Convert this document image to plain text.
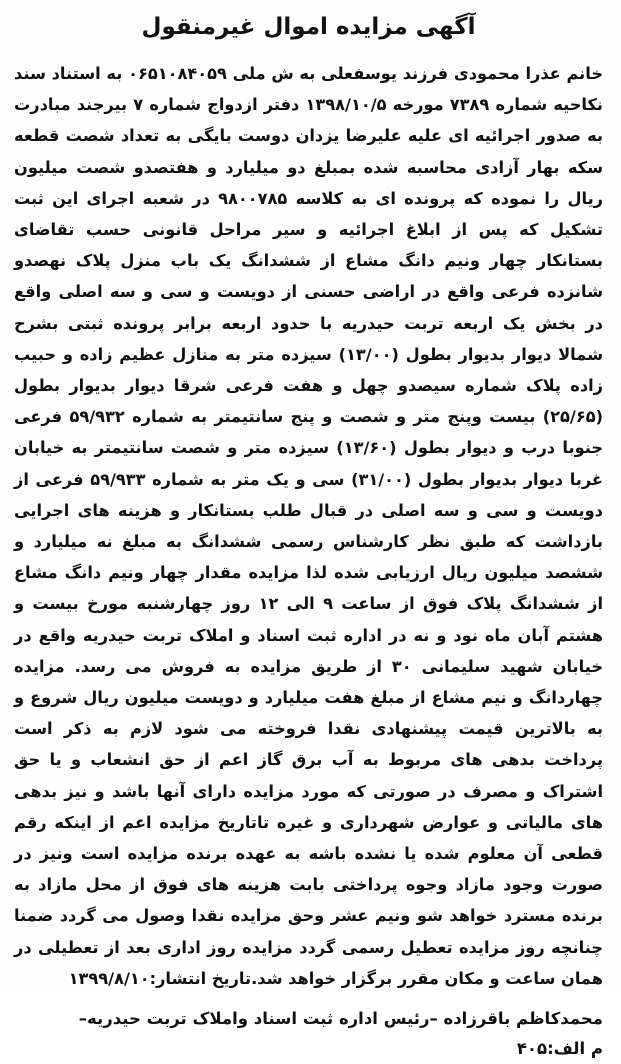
آگهی مزایده اموال غیرمنقول

خانم عذرا محمودی فرزند یوسفعلی به ش ملی ۰۶۵۱۰۸۴۰۵۹ به استناد سند نکاحیه شماره ۷۳۸۹ مورخه ۱۳۹۸/۱۰/۵ دفتر ازدواج شماره ۷ بیرجند مبادرت به صدور اجرائیه ای علیه علیرضا یزدان دوست بایگی به تعداد شصت قطعه سکه بهار آزادی محاسبه شده بمبلغ دو میلیارد و هفتصدو شصت میلیون ریال را نموده که پرونده ای به کلاسه ۹۸۰۰۷۸۵ در شعبه اجرای این ثبت تشکیل که پس از ابلاغ اجرائیه و سیر مراحل قانونی حسب تقاضای بستانکار چهار ونیم دانگ مشاع از ششدانگ یک باب منزل پلاک نهصدو شانزده فرعی واقع در اراضی حسنی از دویست و سی و سه اصلی واقع در بخش یک اربعه تربت حیدریه با حدود اربعه برابر پرونده ثبتی بشرح شمالا دیوار بدیوار بطول (۱۳/۰۰) سیزده متر به منازل عظیم زاده و حبیب زاده پلاک شماره سیصدو چهل و هفت فرعی شرقا دیوار بدیوار بطول (۲۵/۶۵) بیست وپنج متر و شصت و پنج سانتیمتر به شماره ۵۹/۹۳۲ فرعی جنوبا درب و دیوار بطول (۱۳/۶۰) سیزده متر و شصت سانتیمتر به خیابان غربا دیوار بدیوار بطول (۳۱/۰۰) سی و یک متر به شماره ۵۹/۹۳۳ فرعی از دویست و سی و سه اصلی در قبال طلب بستانکار و هزینه های اجرایی بازداشت که طبق نظر کارشناس رسمی ششدانگ به مبلغ نه میلیارد و ششصد میلیون ریال ارزیابی شده لذا مزایده مقدار چهار ونیم دانگ مشاع از ششدانگ پلاک فوق از ساعت ۹ الی ۱۲ روز چهارشنبه مورخ بیست و هشتم آبان ماه نود و نه در اداره ثبت اسناد و املاک تربت حیدریه واقع در خیابان شهید سلیمانی ۳۰ از طریق مزایده به فروش می رسد. مزایده چهاردانگ و نیم مشاع از مبلغ هفت میلیارد و دویست میلیون ریال شروع و به بالاترین قیمت پیشنهادی نقدا فروخته می شود لازم به ذکر است پرداخت بدهی های مربوط به آب برق گاز اعم از حق انشعاب و یا حق اشتراک و مصرف در صورتی که مورد مزایده دارای آنها باشد و نیز بدهی های مالیاتی و عوارض شهرداری و غیره تاتاریخ مزایده اعم از اینکه رقم قطعی آن معلوم شده یا نشده باشه به عهده برنده مزایده است ونیز در صورت وجود مازاد وجوه پرداختی بابت هزینه های فوق از محل مازاد به برنده مسترد خواهد شو ونیم عشر وحق مزایده نقدا وصول می گردد ضمنا چنانچه روز مزایده تعطیل رسمی گردد مزایده روز اداری بعد از تعطیلی در همان ساعت و مکان مقرر برگزار خواهد شد.تاریخ انتشار:۱۳۹۹/۸/۱۰

محمدکاظم باقرزاده –رئیس اداره ثبت اسناد واملاک تربت حیدریه–

م الف:۴۰۵
